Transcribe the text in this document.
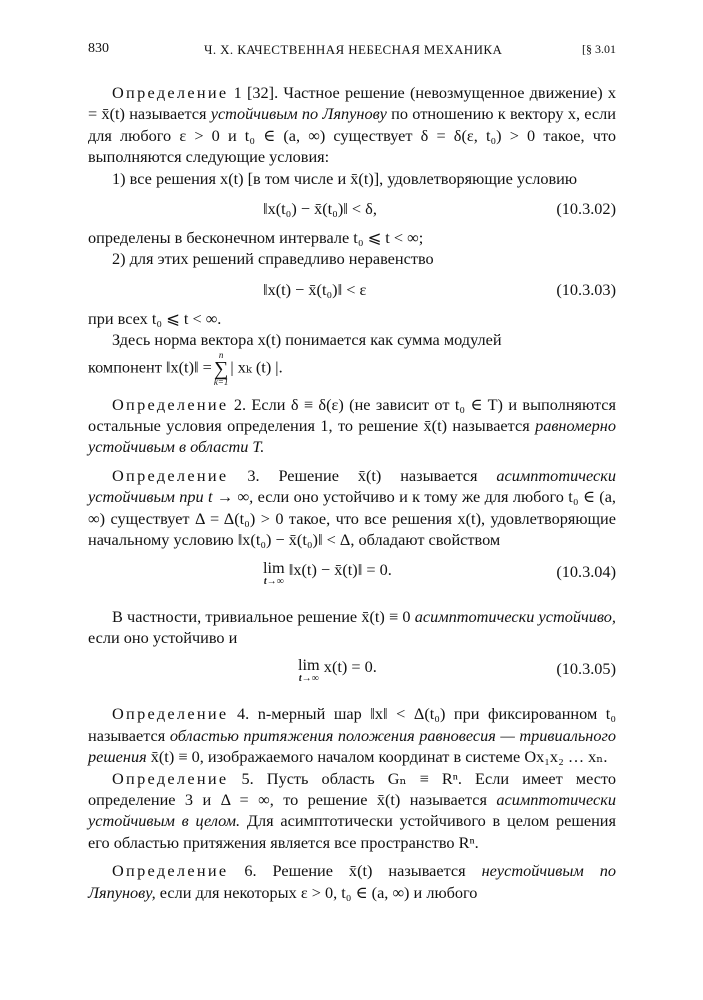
830	Ч. X. КАЧЕСТВЕННАЯ НЕБЕСНАЯ МЕХАНИКА	[§ 3.01

Определение 1 [32]. Частное решение (невозмущенное движение) x = x̄(t) называется устойчивым по Ляпунову по отношению к вектору x, если для любого ε > 0 и t₀ ∈ (a, ∞) существует δ = δ(ε, t₀) > 0 такое, что выполняются следующие условия:

1) все решения x(t) [в том числе и x̄(t)], удовлетворяющие условию

‖x(t₀) − x̄(t₀)‖ < δ,	(10.3.02)

определены в бесконечном интервале t₀ ⩽ t < ∞;

2) для этих решений справедливо неравенство

‖x(t) − x̄(t₀)‖ < ε	(10.3.03)

при всех t₀ ⩽ t < ∞.

Здесь норма вектора x(t) понимается как сумма модулей

компонент ‖x(t)‖ =
n
∑
k=1
| xₖ (t) |.

Определение 2. Если δ ≡ δ(ε) (не зависит от t₀ ∈ T) и выполняются остальные условия определения 1, то решение x̄(t) называется равномерно устойчивым в области T.

Определение 3. Решение x̄(t) называется асимптотически устойчивым при t → ∞, если оно устойчиво и к тому же для любого t₀ ∈ (a, ∞) существует Δ = Δ(t₀) > 0 такое, что все решения x(t), удовлетворяющие начальному условию ‖x(t₀) − x̄(t₀)‖ < Δ, обладают свойством

lim
t→∞
‖x(t) − x̄(t)‖ = 0.	(10.3.04)

В частности, тривиальное решение x̄(t) ≡ 0 асимптотически устойчиво, если оно устойчиво и

lim
t→∞
x(t) = 0.	(10.3.05)

Определение 4. n-мерный шар ‖x‖ < Δ(t₀) при фиксированном t₀ называется областью притяжения положения равновесия — тривиального решения x̄(t) ≡ 0, изображаемого началом координат в системе Ox₁x₂ … xₙ.

Определение 5. Пусть область Gₙ ≡ Rⁿ. Если имеет место определение 3 и Δ = ∞, то решение x̄(t) называется асимптотически устойчивым в целом. Для асимптотически устойчивого в целом решения его областью притяжения является все пространство Rⁿ.

Определение 6. Решение x̄(t) называется неустойчивым по Ляпунову, если для некоторых ε > 0, t₀ ∈ (a, ∞) и любого
